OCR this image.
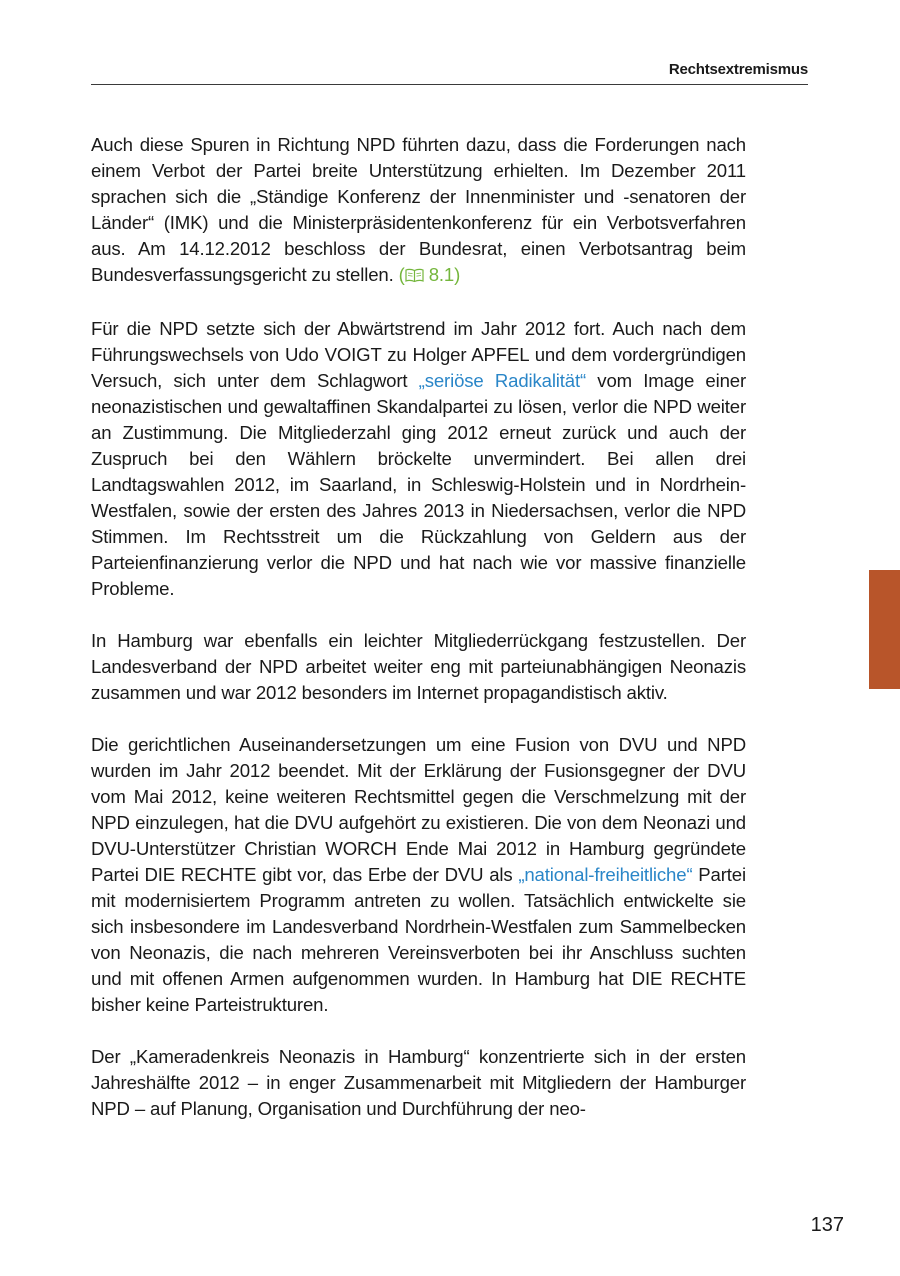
Rechtsextremismus

Auch diese Spuren in Richtung NPD führten dazu, dass die Forderungen nach einem Verbot der Partei breite Unterstützung erhielten. Im Dezember 2011 sprachen sich die „Ständige Konferenz der Innenminister und -senatoren der Länder“ (IMK) und die Ministerpräsidentenkonferenz für ein Verbotsverfahren aus. Am 14.12.2012 beschloss der Bundesrat, einen Verbotsantrag beim Bundesverfassungsgericht zu stellen. ( 8.1)

Für die NPD setzte sich der Abwärtstrend im Jahr 2012 fort. Auch nach dem Führungswechsels von Udo VOIGT zu Holger APFEL und dem vordergründigen Versuch, sich unter dem Schlagwort „seriöse Radikalität“ vom Image einer neonazistischen und gewaltaffinen Skandalpartei zu lösen, verlor die NPD weiter an Zustimmung. Die Mitgliederzahl ging 2012 erneut zurück und auch der Zuspruch bei den Wählern bröckelte unvermindert. Bei allen drei Landtagswahlen 2012, im Saarland, in Schleswig-Holstein und in Nordrhein-Westfalen, sowie der ersten des Jahres 2013 in Niedersachsen, verlor die NPD Stimmen. Im Rechtsstreit um die Rückzahlung von Geldern aus der Parteienfinanzierung verlor die NPD und hat nach wie vor massive finanzielle Probleme.

In Hamburg war ebenfalls ein leichter Mitgliederrückgang festzustellen. Der Landesverband der NPD arbeitet weiter eng mit parteiunabhängigen Neonazis zusammen und war 2012 besonders im Internet propagandistisch aktiv.

Die gerichtlichen Auseinandersetzungen um eine Fusion von DVU und NPD wurden im Jahr 2012 beendet. Mit der Erklärung der Fusionsgegner der DVU vom Mai 2012, keine weiteren Rechtsmittel gegen die Verschmelzung mit der NPD einzulegen, hat die DVU aufgehört zu existieren. Die von dem Neonazi und DVU-Unterstützer Christian WORCH Ende Mai 2012 in Hamburg gegründete Partei DIE RECHTE gibt vor, das Erbe der DVU als „national-freiheitliche“ Partei mit modernisiertem Programm antreten zu wollen. Tatsächlich entwickelte sie sich insbesondere im Landesverband Nordrhein-Westfalen zum Sammelbecken von Neonazis, die nach mehreren Vereinsverboten bei ihr Anschluss suchten und mit offenen Armen aufgenommen wurden. In Hamburg hat DIE RECHTE bisher keine Parteistrukturen.

Der „Kameradenkreis Neonazis in Hamburg“ konzentrierte sich in der ersten Jahreshälfte 2012 – in enger Zusammenarbeit mit Mitgliedern der Hamburger NPD – auf Planung, Organisation und Durchführung der neo-

137
